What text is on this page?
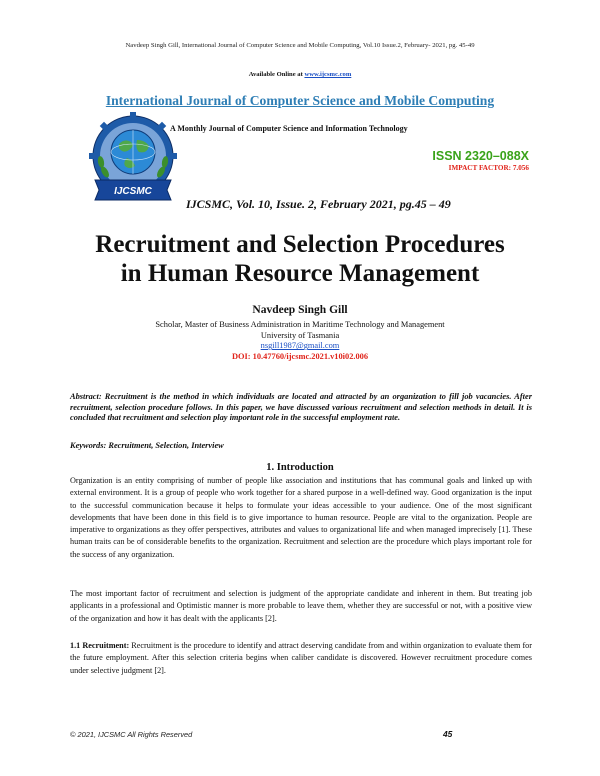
Navdeep Singh Gill, International Journal of Computer Science and Mobile Computing, Vol.10 Issue.2, February- 2021, pg. 45-49
Available Online at www.ijcsmc.com
International Journal of Computer Science and Mobile Computing
A Monthly Journal of Computer Science and Information Technology
IJCSMC
ISSN 2320–088X
IMPACT FACTOR: 7.056
IJCSMC, Vol. 10, Issue. 2, February 2021, pg.45 – 49
Recruitment and Selection Procedures
in Human Resource Management
Navdeep Singh Gill
Scholar, Master of Business Administration in Maritime Technology and Management
University of Tasmania
nsgill1987@gmail.com
DOI: 10.47760/ijcsmc.2021.v10i02.006
Abstract: Recruitment is the method in which individuals are located and attracted by an organization to fill job vacancies. After recruitment, selection procedure follows. In this paper, we have discussed various recruitment and selection methods in detail. It is concluded that recruitment and selection play important role in the successful employment rate.
Keywords: Recruitment, Selection, Interview
1. Introduction
Organization is an entity comprising of number of people like association and institutions that has communal goals and linked up with external environment. It is a group of people who work together for a shared purpose in a well-defined way. Good organization is the input to the successful communication because it helps to formulate your ideas accessible to your audience. One of the most significant developments that have been done in this field is to give importance to human resource. People are vital to the organization. People are imperative to organizations as they offer perspectives, attributes and values to organizational life and when managed imprecisely [1]. These human traits can be of considerable benefits to the organization. Recruitment and selection are the procedure which plays important role for the success of any organization.
The most important factor of recruitment and selection is judgment of the appropriate candidate and inherent in them. But treating job applicants in a professional and Optimistic manner is more probable to leave them, whether they are successful or not, with a positive view of the organization and how it has dealt with the applicants [2].
1.1 Recruitment: Recruitment is the procedure to identify and attract deserving candidate from and within organization to evaluate them for the future employment. After this selection criteria begins when caliber candidate is discovered. However recruitment procedure comes under selective judgment [2].
© 2021, IJCSMC All Rights Reserved	45
